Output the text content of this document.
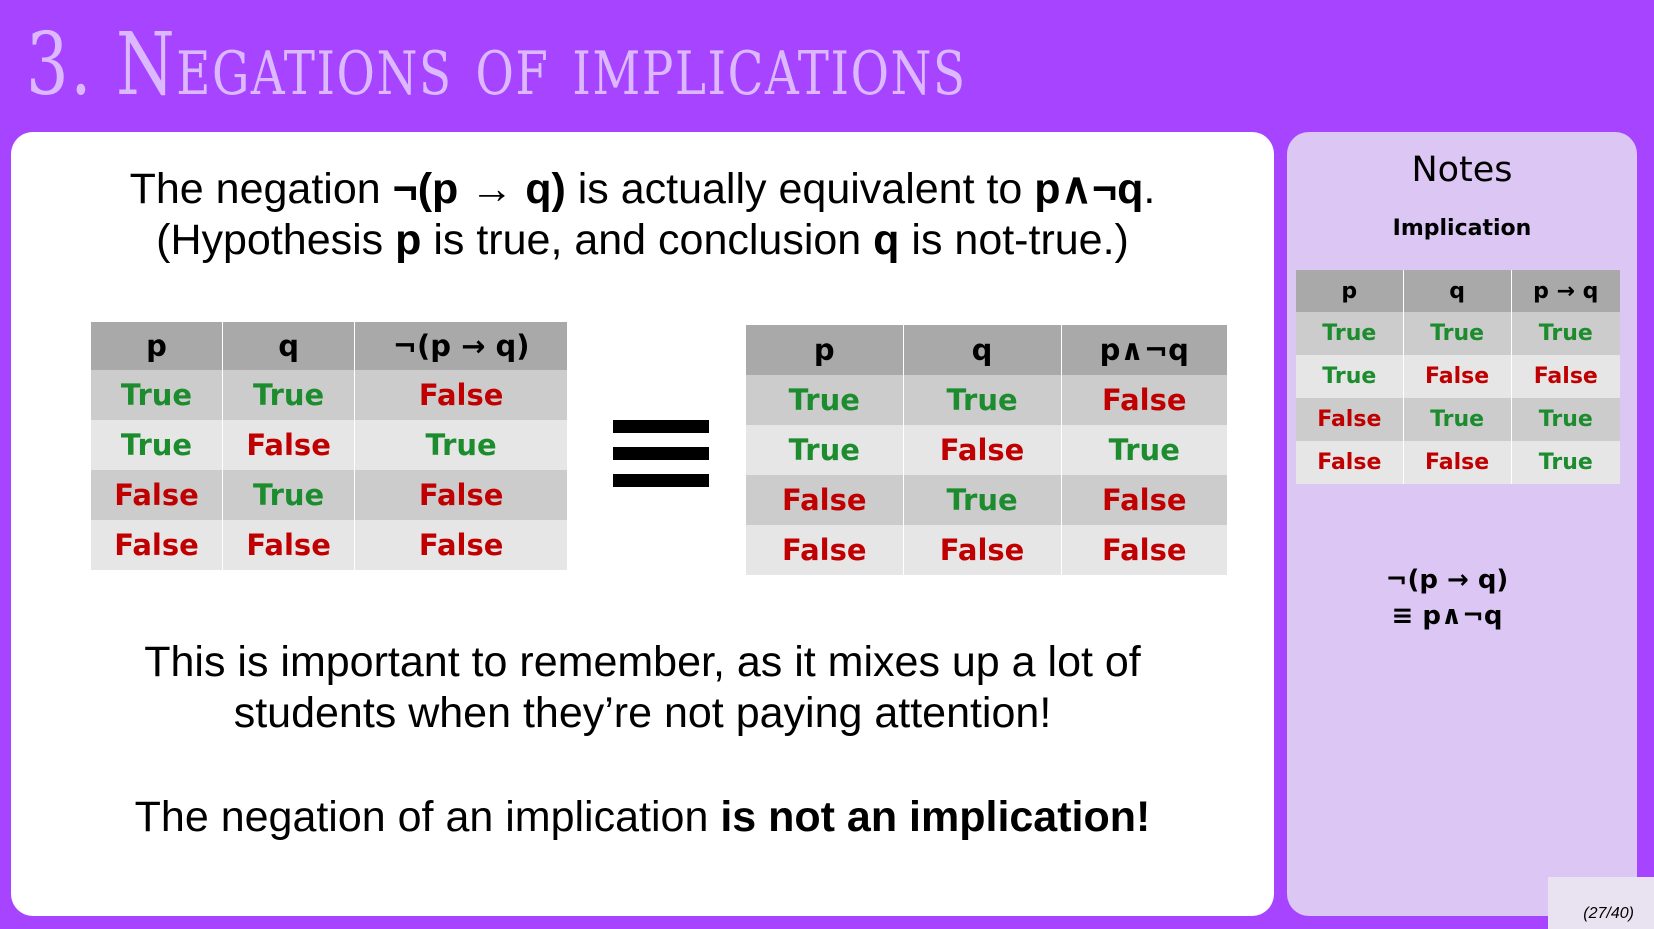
3. Negations of implications
The negation ¬(p → q) is actually equivalent to p∧¬q.
(Hypothesis p is true, and conclusion q is not-true.)
p	q	¬(p → q)
True	True	False
True	False	True
False	True	False
False	False	False
p	q	p∧¬q
True	True	False
True	False	True
False	True	False
False	False	False
This is important to remember, as it mixes up a lot of
students when they’re not paying attention!
The negation of an implication is not an implication!
Notes
Implication
p	q	p → q
True	True	True
True	False	False
False	True	True
False	False	True
¬(p → q)
≡ p∧¬q
(27/40)
